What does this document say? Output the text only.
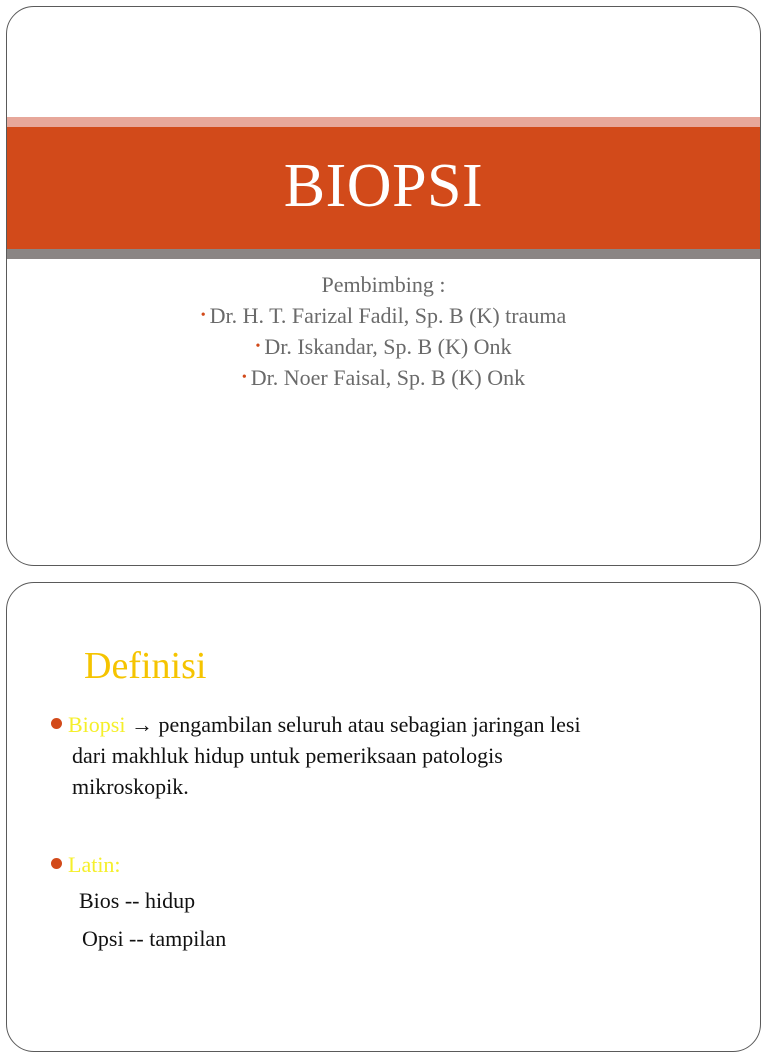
BIOPSI
Pembimbing :
• Dr. H. T. Farizal Fadil, Sp. B (K) trauma
• Dr. Iskandar, Sp. B (K) Onk
• Dr. Noer Faisal, Sp. B (K) Onk
Definisi
Biopsi → pengambilan seluruh atau sebagian jaringan lesi
dari makhluk hidup untuk pemeriksaan patologis
mikroskopik.
Latin:
Bios -- hidup
Opsi -- tampilan
